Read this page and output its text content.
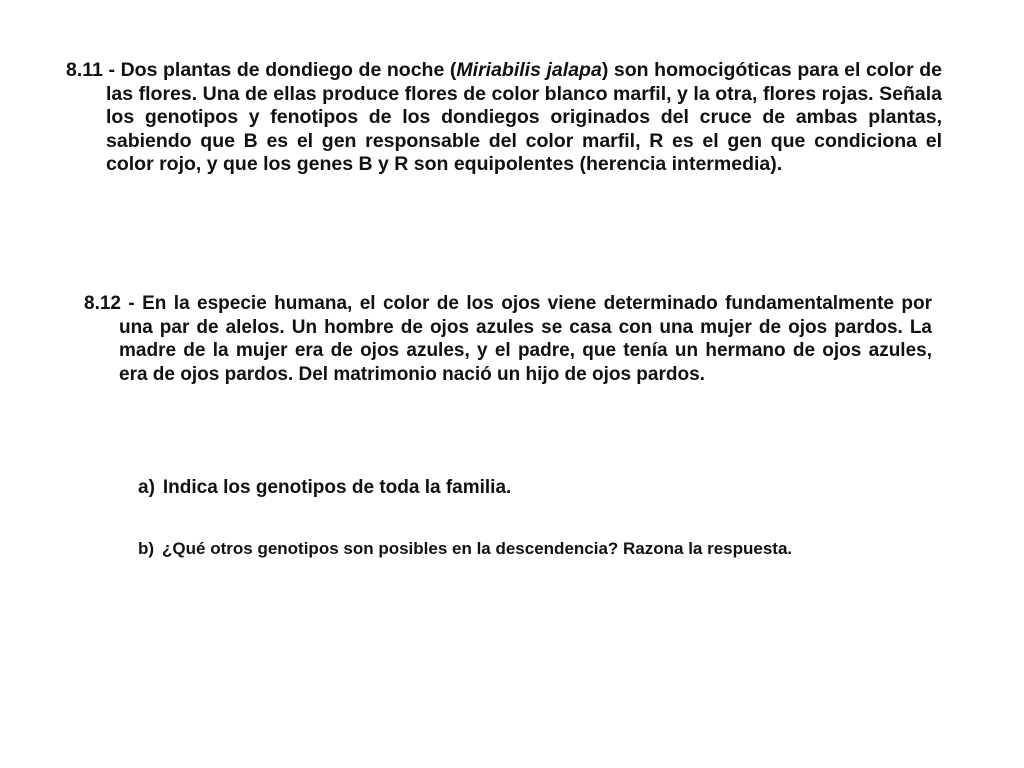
8.11 - Dos plantas de dondiego de noche (Miriabilis jalapa) son homocigóticas para el color de las flores. Una de ellas produce flores de color blanco marfil, y la otra, flores rojas. Señala los genotipos y fenotipos de los dondiegos originados del cruce de ambas plantas, sabiendo que B es el gen responsable del color marfil, R es el gen que condiciona el color rojo, y que los genes B y R son equipolentes (herencia intermedia).

8.12 - En la especie humana, el color de los ojos viene determinado fundamentalmente por una par de alelos. Un hombre de ojos azules se casa con una mujer de ojos pardos. La madre de la mujer era de ojos azules, y el padre, que tenía un hermano de ojos azules, era de ojos pardos. Del matrimonio nació un hijo de ojos pardos.

a) Indica los genotipos de toda la familia.

b) ¿Qué otros genotipos son posibles en la descendencia? Razona la respuesta.
